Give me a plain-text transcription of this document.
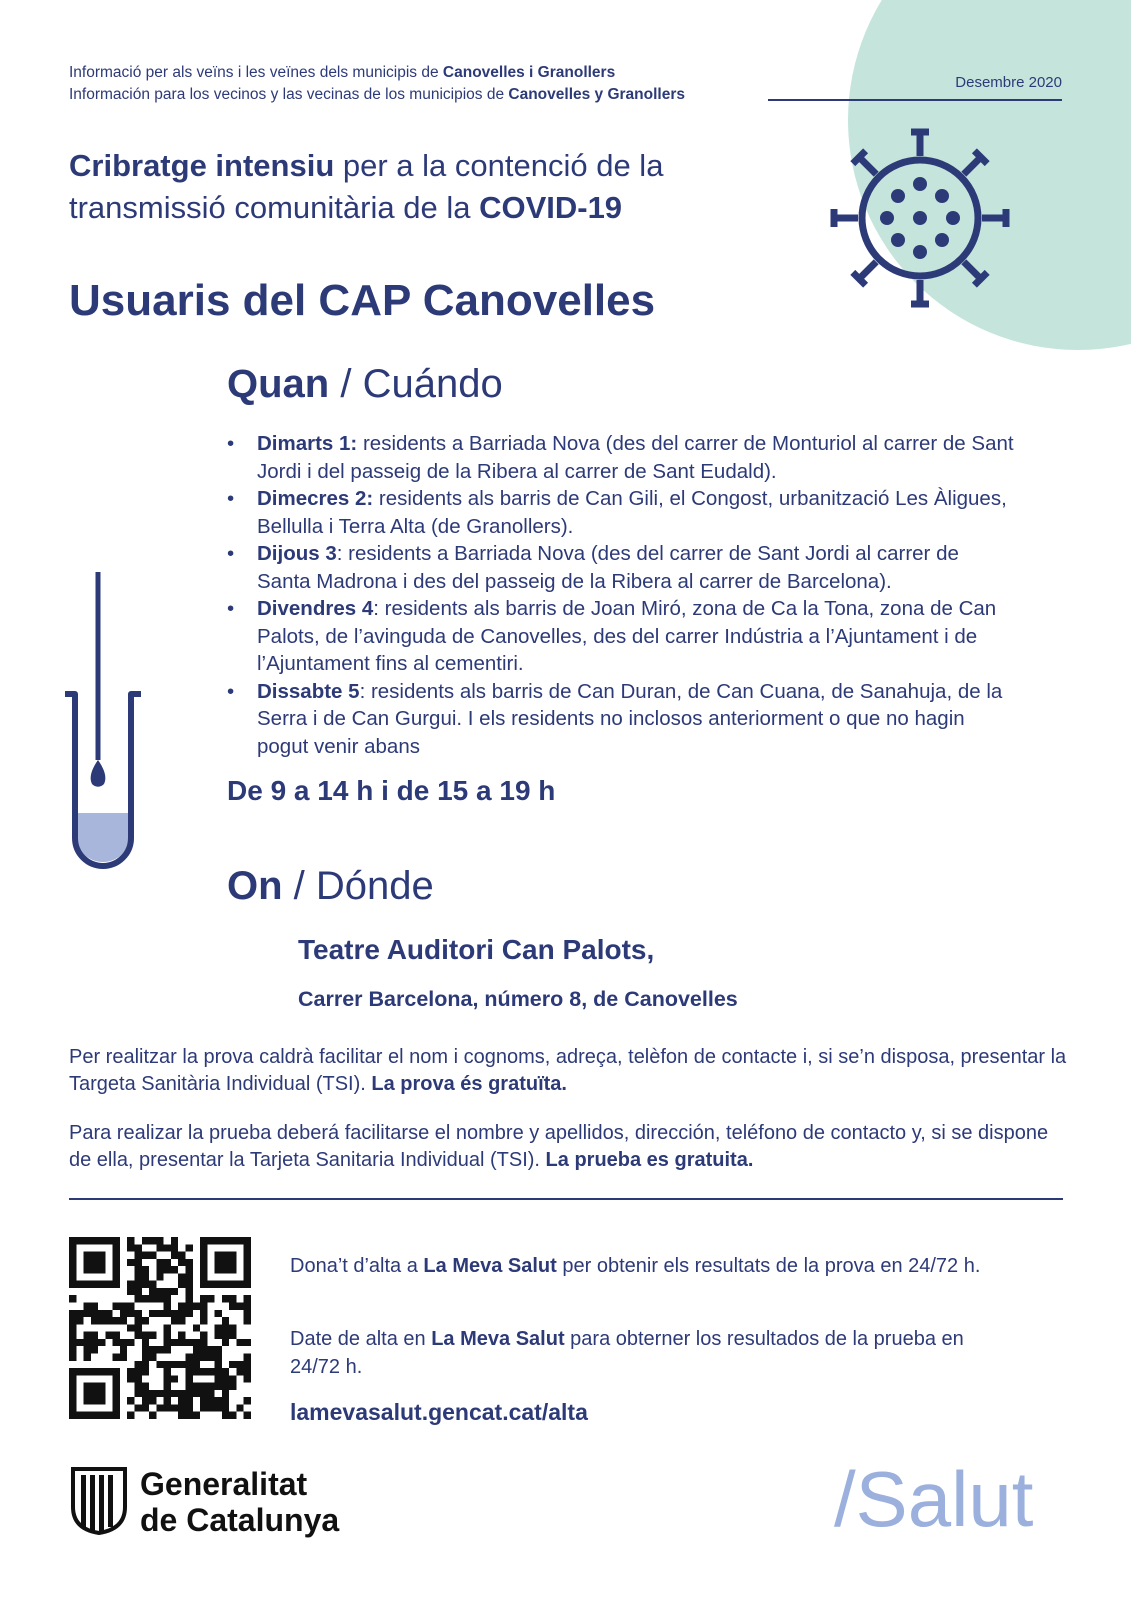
Informació per als veïns i les veïnes dels municipis de Canovelles i Granollers
Información para los vecinos y las vecinas de los municipios de Canovelles y Granollers
Desembre 2020
Cribratge intensiu per a la contenció de la transmissió comunitària de la COVID-19
Usuaris del CAP Canovelles
Quan / Cuándo
• Dimarts 1: residents a Barriada Nova (des del carrer de Monturiol al carrer de Sant Jordi i del passeig de la Ribera al carrer de Sant Eudald).
• Dimecres 2: residents als barris de Can Gili, el Congost, urbanització Les Àligues, Bellulla i Terra Alta (de Granollers).
• Dijous 3: residents a Barriada Nova (des del carrer de Sant Jordi al carrer de Santa Madrona i des del passeig de la Ribera al carrer de Barcelona).
• Divendres 4: residents als barris de Joan Miró, zona de Ca la Tona, zona de Can Palots, de l’avinguda de Canovelles, des del carrer Indústria a l’Ajuntament i de l’Ajuntament fins al cementiri.
• Dissabte 5: residents als barris de Can Duran, de Can Cuana, de Sanahuja, de la Serra i de Can Gurgui. I els residents no inclosos anteriorment o que no hagin pogut venir abans
De 9 a 14 h i de 15 a 19 h
On / Dónde
Teatre Auditori Can Palots,
Carrer Barcelona, número 8, de Canovelles
Per realitzar la prova caldrà facilitar el nom i cognoms, adreça, telèfon de contacte i, si se’n disposa, presentar la Targeta Sanitària Individual (TSI). La prova és gratuïta.
Para realizar la prueba deberá facilitarse el nombre y apellidos, dirección, teléfono de contacto y, si se dispone de ella, presentar la Tarjeta Sanitaria Individual (TSI). La prueba es gratuita.
Dona’t d’alta a La Meva Salut per obtenir els resultats de la prova en 24/72 h.
Date de alta en La Meva Salut para obterner los resultados de la prueba en 24/72 h.
lamevasalut.gencat.cat/alta
Generalitat
de Catalunya	/Salut
